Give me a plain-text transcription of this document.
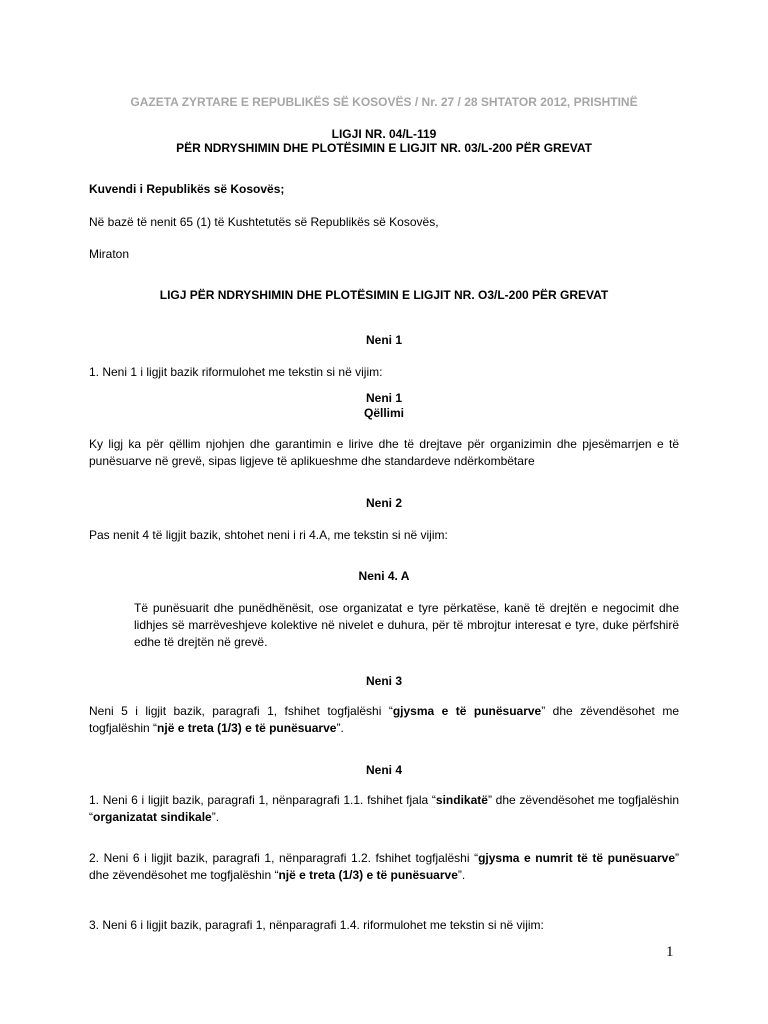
GAZETA ZYRTARE E REPUBLIKËS SË KOSOVËS / Nr. 27 / 28 SHTATOR 2012, PRISHTINË

LIGJI NR. 04/L-119

PËR NDRYSHIMIN DHE PLOTËSIMIN E LIGJIT NR. 03/L-200 PËR GREVAT

Kuvendi i Republikës së Kosovës;

Në bazë të nenit 65 (1) të Kushtetutës së Republikës së Kosovës,

Miraton

LIGJ PËR NDRYSHIMIN DHE PLOTËSIMIN E LIGJIT NR. O3/L-200 PËR GREVAT

Neni 1

1. Neni 1 i ligjit bazik riformulohet me tekstin si në vijim:

Neni 1

Qëllimi

Ky ligj ka për qëllim njohjen dhe garantimin e lirive dhe të drejtave për organizimin dhe pjesëmarrjen e të punësuarve në grevë, sipas ligjeve të aplikueshme dhe standardeve ndërkombëtare

Neni 2

Pas nenit 4 të ligjit bazik, shtohet neni i ri 4.A, me tekstin si në vijim:

Neni 4. A

Të punësuarit dhe punëdhënësit, ose organizatat e tyre përkatëse, kanë të drejtën e negocimit dhe lidhjes së marrëveshjeve kolektive në nivelet e duhura, për të mbrojtur interesat e tyre, duke përfshirë edhe të drejtën në grevë.

Neni 3

Neni 5 i ligjit bazik, paragrafi 1, fshihet togfjalëshi “gjysma e të punësuarve” dhe zëvendësohet me togfjalëshin “një e treta (1/3) e të punësuarve”.

Neni 4

1. Neni 6 i ligjit bazik, paragrafi 1, nënparagrafi 1.1. fshihet fjala “sindikatë” dhe zëvendësohet me togfjalëshin “organizatat sindikale”.

2. Neni 6 i ligjit bazik, paragrafi 1, nënparagrafi 1.2. fshihet togfjalëshi “gjysma e numrit të të punësuarve” dhe zëvendësohet me togfjalëshin “një e treta (1/3) e të punësuarve”.

3. Neni 6 i ligjit bazik, paragrafi 1, nënparagrafi 1.4. riformulohet me tekstin si në vijim:

1
